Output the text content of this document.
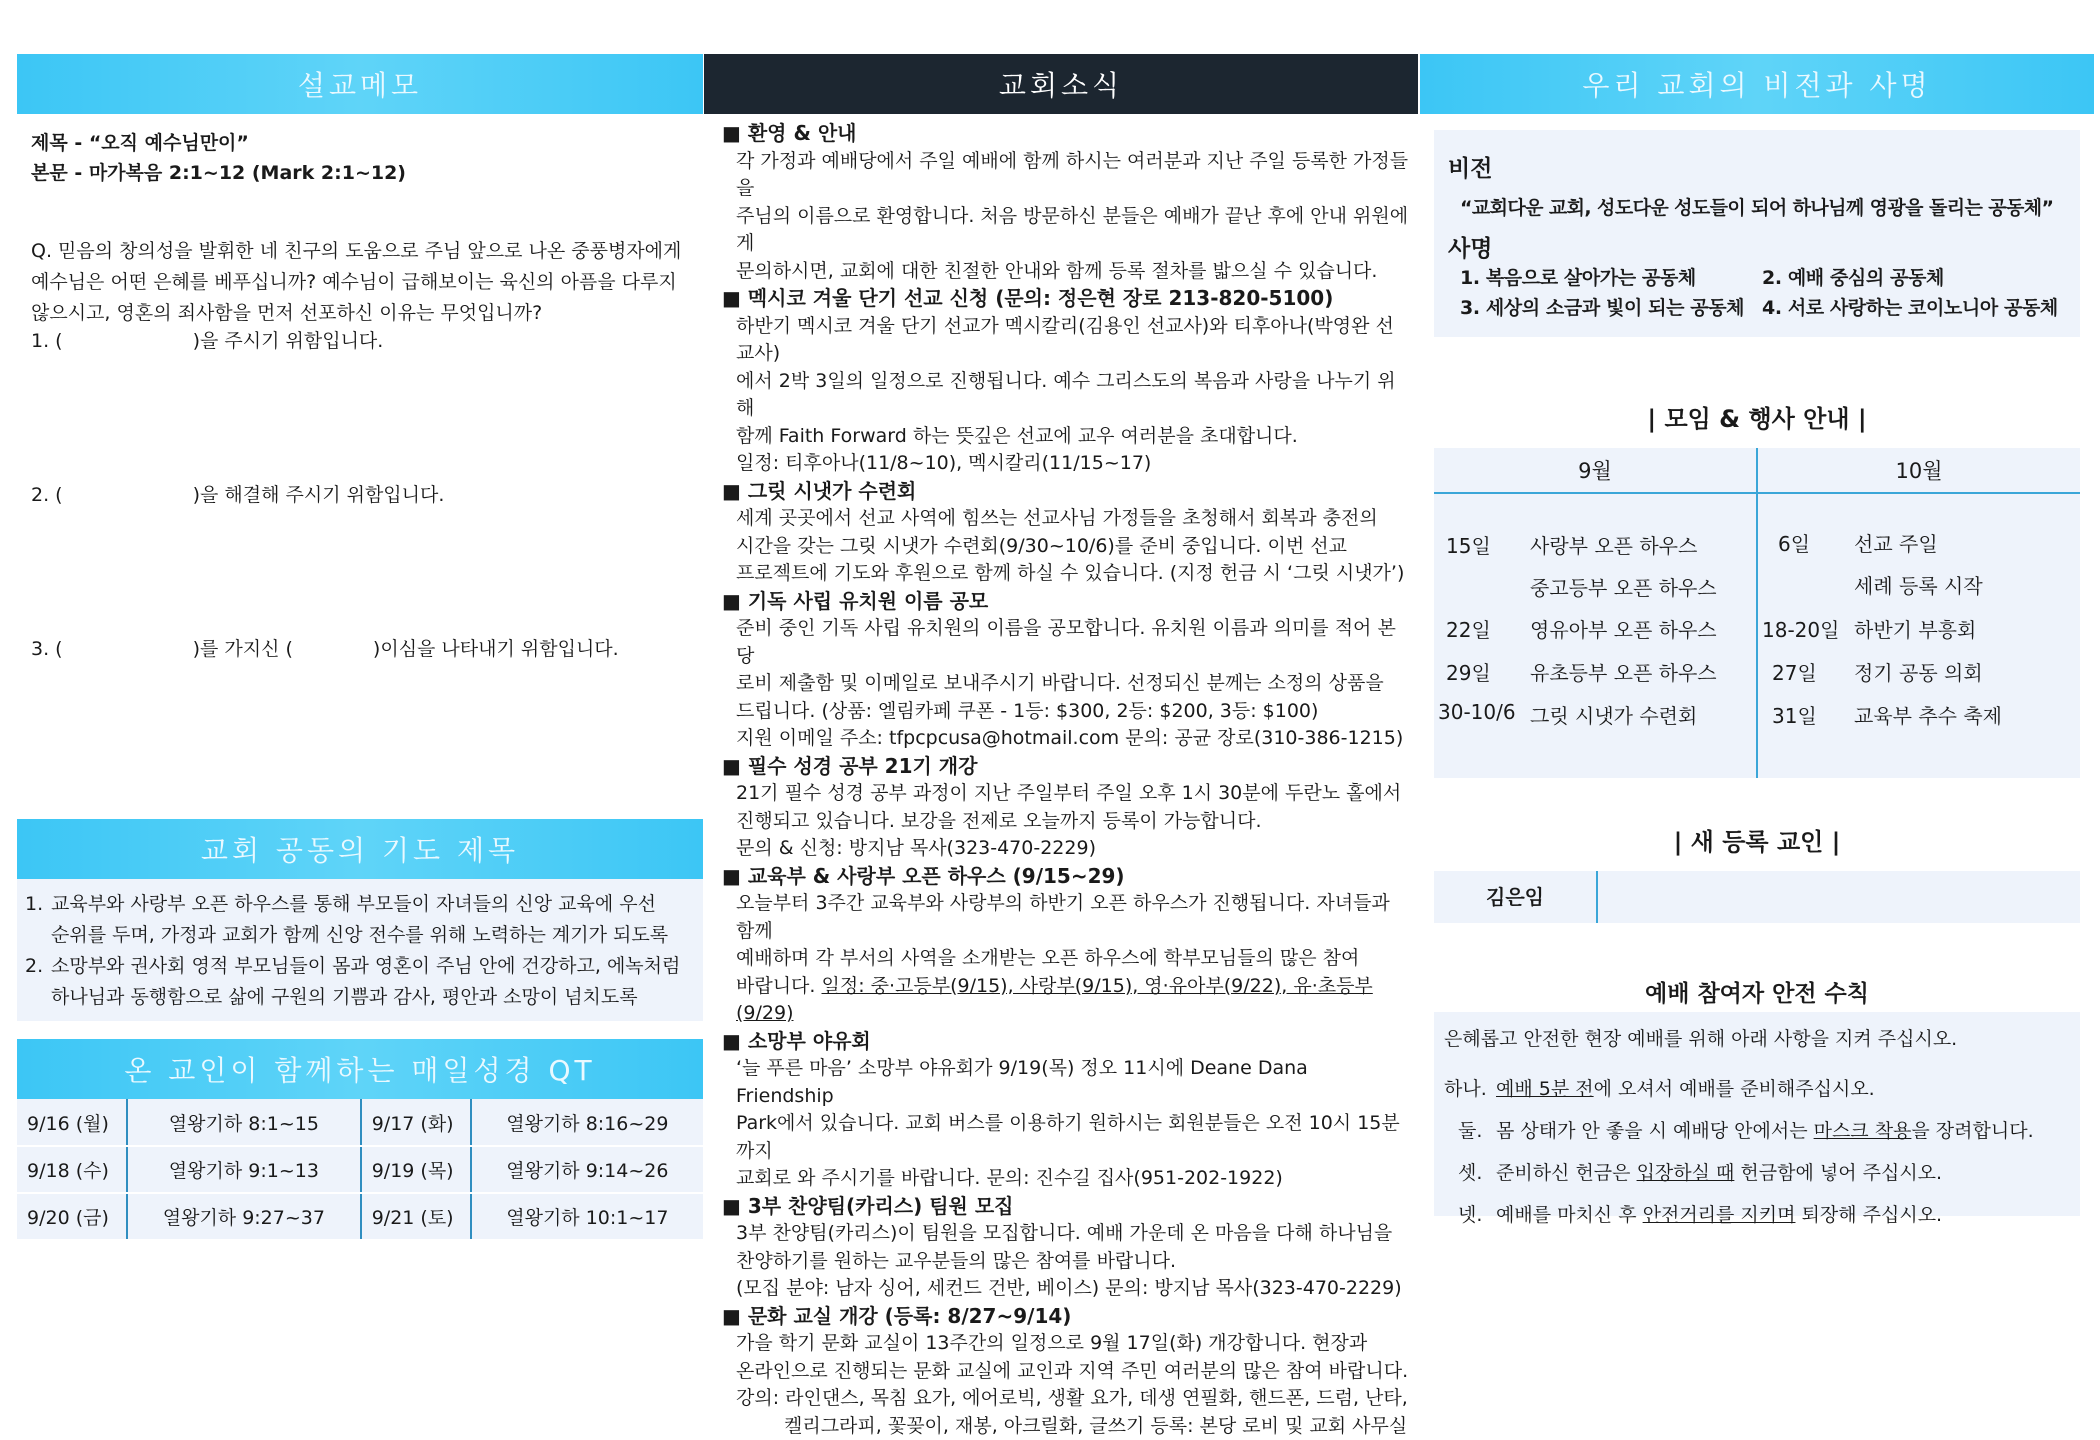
설교메모
제목 - “오직 예수님만이”
본문 - 마가복음 2:1~12 (Mark 2:1~12)
Q. 믿음의 창의성을 발휘한 네 친구의 도움으로 주님 앞으로 나온 중풍병자에게
예수님은 어떤 은혜를 베푸십니까? 예수님이 급해보이는 육신의 아픔을 다루지
않으시고, 영혼의 죄사함을 먼저 선포하신 이유는 무엇입니까?
1. (	)을 주시기 위함입니다.
2. (	)을 해결해 주시기 위함입니다.
3. (	)를 가지신 (	)이심을 나타내기 위함입니다.
교회 공동의 기도 제목
1. 교육부와 사랑부 오픈 하우스를 통해 부모들이 자녀들의 신앙 교육에 우선
순위를 두며, 가정과 교회가 함께 신앙 전수를 위해 노력하는 계기가 되도록
2. 소망부와 권사회 영적 부모님들이 몸과 영혼이 주님 안에 건강하고, 에녹처럼
하나님과 동행함으로 삶에 구원의 기쁨과 감사, 평안과 소망이 넘치도록
온 교인이 함께하는 매일성경 QT
9/16 (월)	열왕기하 8:1~15	9/17 (화)	열왕기하 8:16~29
9/18 (수)	열왕기하 9:1~13	9/19 (목)	열왕기하 9:14~26
9/20 (금)	열왕기하 9:27~37	9/21 (토)	열왕기하 10:1~17
교회소식
■ 환영 & 안내
각 가정과 예배당에서 주일 예배에 함께 하시는 여러분과 지난 주일 등록한 가정들을
주님의 이름으로 환영합니다. 처음 방문하신 분들은 예배가 끝난 후에 안내 위원에게
문의하시면, 교회에 대한 친절한 안내와 함께 등록 절차를 밟으실 수 있습니다.
■ 멕시코 겨울 단기 선교 신청 (문의: 정은현 장로 213-820-5100)
하반기 멕시코 겨울 단기 선교가 멕시칼리(김용인 선교사)와 티후아나(박영완 선교사)
에서 2박 3일의 일정으로 진행됩니다. 예수 그리스도의 복음과 사랑을 나누기 위해
함께 Faith Forward 하는 뜻깊은 선교에 교우 여러분을 초대합니다.
일정: 티후아나(11/8~10), 멕시칼리(11/15~17)
■ 그릿 시냇가 수련회
세계 곳곳에서 선교 사역에 힘쓰는 선교사님 가정들을 초청해서 회복과 충전의
시간을 갖는 그릿 시냇가 수련회(9/30~10/6)를 준비 중입니다. 이번 선교
프로젝트에 기도와 후원으로 함께 하실 수 있습니다. (지정 헌금 시 ‘그릿 시냇가’)
■ 기독 사립 유치원 이름 공모
준비 중인 기독 사립 유치원의 이름을 공모합니다. 유치원 이름과 의미를 적어 본당
로비 제출함 및 이메일로 보내주시기 바랍니다. 선정되신 분께는 소정의 상품을
드립니다. (상품: 엘림카페 쿠폰 - 1등: $300, 2등: $200, 3등: $100)
지원 이메일 주소: tfpcpcusa@hotmail.com 문의: 공균 장로(310-386-1215)
■ 필수 성경 공부 21기 개강
21기 필수 성경 공부 과정이 지난 주일부터 주일 오후 1시 30분에 두란노 홀에서
진행되고 있습니다. 보강을 전제로 오늘까지 등록이 가능합니다.
문의 & 신청: 방지남 목사(323-470-2229)
■ 교육부 & 사랑부 오픈 하우스 (9/15~29)
오늘부터 3주간 교육부와 사랑부의 하반기 오픈 하우스가 진행됩니다. 자녀들과 함께
예배하며 각 부서의 사역을 소개받는 오픈 하우스에 학부모님들의 많은 참여
바랍니다. 일정: 중·고등부(9/15), 사랑부(9/15), 영·유아부(9/22), 유·초등부(9/29)
■ 소망부 야유회
‘늘 푸른 마음’ 소망부 야유회가 9/19(목) 정오 11시에 Deane Dana Friendship
Park에서 있습니다. 교회 버스를 이용하기 원하시는 회원분들은 오전 10시 15분까지
교회로 와 주시기를 바랍니다. 문의: 진수길 집사(951-202-1922)
■ 3부 찬양팀(카리스) 팀원 모집
3부 찬양팀(카리스)이 팀원을 모집합니다. 예배 가운데 온 마음을 다해 하나님을
찬양하기를 원하는 교우분들의 많은 참여를 바랍니다.
(모집 분야: 남자 싱어, 세컨드 건반, 베이스) 문의: 방지남 목사(323-470-2229)
■ 문화 교실 개강 (등록: 8/27~9/14)
가을 학기 문화 교실이 13주간의 일정으로 9월 17일(화) 개강합니다. 현장과
온라인으로 진행되는 문화 교실에 교인과 지역 주민 여러분의 많은 참여 바랍니다.
강의: 라인댄스, 목침 요가, 에어로빅, 생활 요가, 데생 연필화, 핸드폰, 드럼, 난타,
켈리그라피, 꽃꽂이, 재봉, 아크릴화, 글쓰기 등록: 본당 로비 및 교회 사무실
우리 교회의 비전과 사명
비전
“교회다운 교회, 성도다운 성도들이 되어 하나님께 영광을 돌리는 공동체”
사명
1. 복음으로 살아가는 공동체	2. 예배 중심의 공동체
3. 세상의 소금과 빛이 되는 공동체 4. 서로 사랑하는 코이노니아 공동체
| 모임 & 행사 안내 |
9월
15일 사랑부 오픈 하우스
중고등부 오픈 하우스
22일 영유아부 오픈 하우스
29일 유초등부 오픈 하우스
30-10/6 그릿 시냇가 수련회
10월
6일 선교 주일
세례 등록 시작
18-20일 하반기 부흥회
27일 정기 공동 의회
31일 교육부 추수 축제
| 새 등록 교인 |
김은임
예배 참여자 안전 수칙
은혜롭고 안전한 현장 예배를 위해 아래 사항을 지켜 주십시오.
하나. 예배 5분 전에 오셔서 예배를 준비해주십시오.
둘. 몸 상태가 안 좋을 시 예배당 안에서는 마스크 착용을 장려합니다.
셋. 준비하신 헌금은 입장하실 때 헌금함에 넣어 주십시오.
넷. 예배를 마치신 후 안전거리를 지키며 퇴장해 주십시오.
